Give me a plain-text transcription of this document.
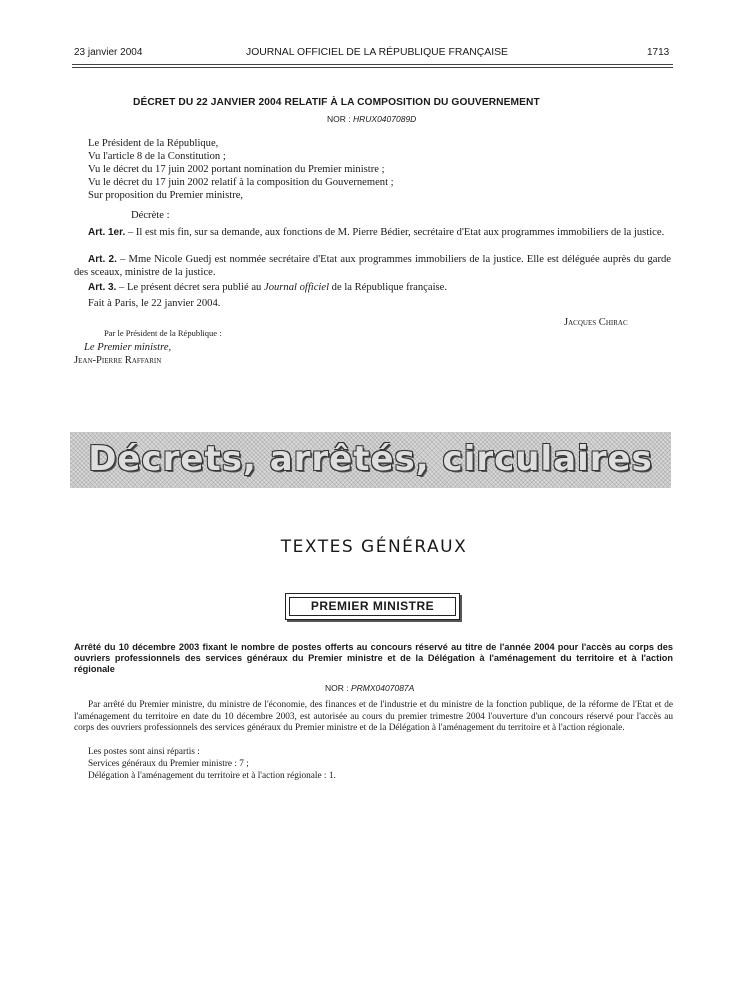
23 janvier 2004	JOURNAL OFFICIEL DE LA RÉPUBLIQUE FRANÇAISE	1713
DÉCRET DU 22 JANVIER 2004 RELATIF À LA COMPOSITION DU GOUVERNEMENT
NOR : HRUX0407089D
Le Président de la République,
Vu l'article 8 de la Constitution ;
Vu le décret du 17 juin 2002 portant nomination du Premier ministre ;
Vu le décret du 17 juin 2002 relatif à la composition du Gouvernement ;
Sur proposition du Premier ministre,
Décrète :
Art. 1er. – Il est mis fin, sur sa demande, aux fonctions de M. Pierre Bédier, secrétaire d'Etat aux programmes immobiliers de la justice.
Art. 2. – Mme Nicole Guedj est nommée secrétaire d'Etat aux programmes immobiliers de la justice. Elle est déléguée auprès du garde des sceaux, ministre de la justice.
Art. 3. – Le présent décret sera publié au Journal officiel de la République française.
Fait à Paris, le 22 janvier 2004.
Jacques Chirac
Par le Président de la République :
Le Premier ministre,
Jean-Pierre Raffarin
Décrets, arrêtés, circulaires
TEXTES GÉNÉRAUX
PREMIER MINISTRE
Arrêté du 10 décembre 2003 fixant le nombre de postes offerts au concours réservé au titre de l'année 2004 pour l'accès au corps des ouvriers professionnels des services généraux du Premier ministre et de la Délégation à l'aménagement du territoire et à l'action régionale
NOR : PRMX0407087A
Par arrêté du Premier ministre, du ministre de l'économie, des finances et de l'industrie et du ministre de la fonction publique, de la réforme de l'Etat et de l'aménagement du territoire en date du 10 décembre 2003, est autorisée au cours du premier trimestre 2004 l'ouverture d'un concours réservé pour l'accès au corps des ouvriers professionnels des services généraux du Premier ministre et de la Délégation à l'aménagement du territoire et à l'action régionale.
Les postes sont ainsi répartis :
Services généraux du Premier ministre : 7 ;
Délégation à l'aménagement du territoire et à l'action régionale : 1.
